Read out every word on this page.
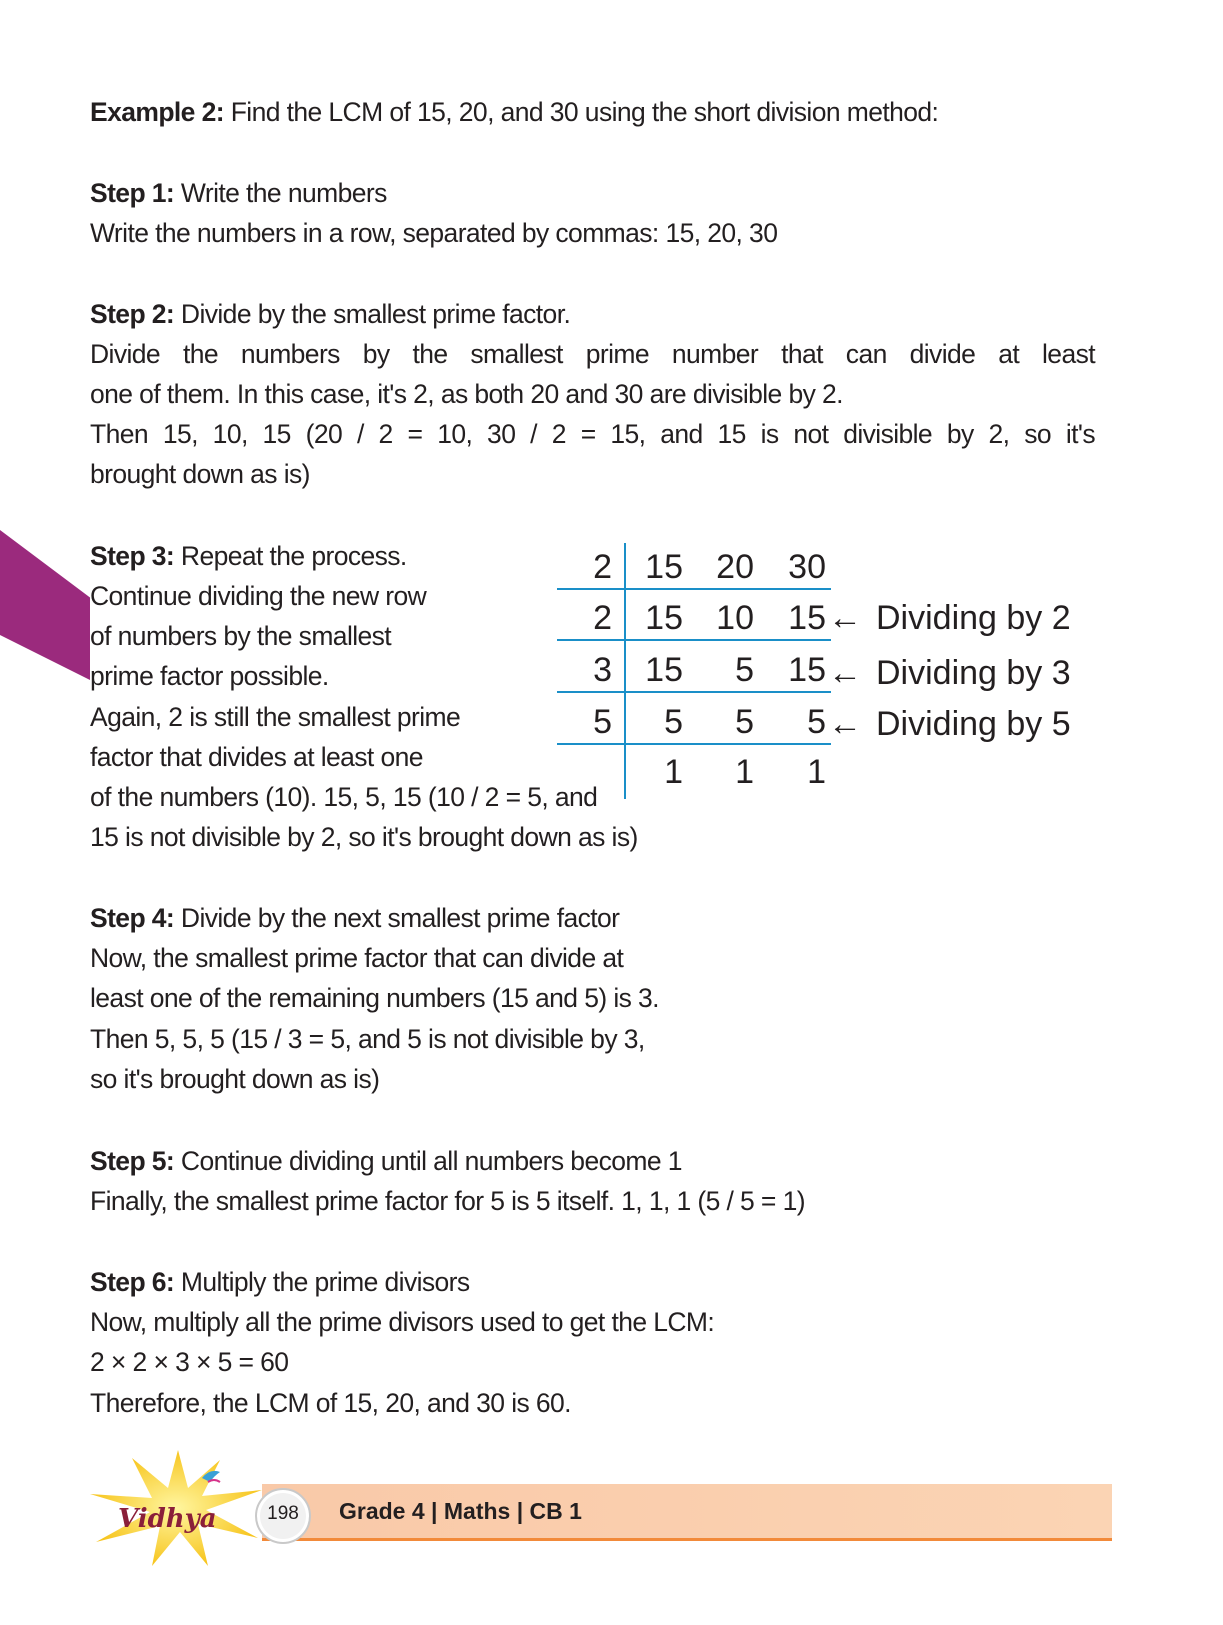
Example 2: Find the LCM of 15, 20, and 30 using the short division method:
Step 1: Write the numbers
Write the numbers in a row, separated by commas: 15, 20, 30
Step 2: Divide by the smallest prime factor.
Divide the numbers by the smallest prime number that can divide at least
one of them. In this case, it's 2, as both 20 and 30 are divisible by 2.
Then 15, 10, 15 (20 / 2 = 10, 30 / 2 = 15, and 15 is not divisible by 2, so it's
brought down as is)
Step 3: Repeat the process.
Continue dividing the new row
of numbers by the smallest
prime factor possible.
Again, 2 is still the smallest prime
factor that divides at least one
of the numbers (10). 15, 5, 15 (10 / 2 = 5, and
15 is not divisible by 2, so it's brought down as is)
2 15 20 30
2 15 10 15 ← Dividing by 2
3 15	5 15 ← Dividing by 3
5	5	5	5 ← Dividing by 5
1	1	1
Step 4: Divide by the next smallest prime factor
Now, the smallest prime factor that can divide at
least one of the remaining numbers (15 and 5) is 3.
Then 5, 5, 5 (15 / 3 = 5, and 5 is not divisible by 3,
so it's brought down as is)
Step 5: Continue dividing until all numbers become 1
Finally, the smallest prime factor for 5 is 5 itself. 1, 1, 1 (5 / 5 = 1)
Step 6: Multiply the prime divisors
Now, multiply all the prime divisors used to get the LCM:
2 × 2 × 3 × 5 = 60
Therefore, the LCM of 15, 20, and 30 is 60.
Vidhya	198	Grade 4 | Maths | CB 1
